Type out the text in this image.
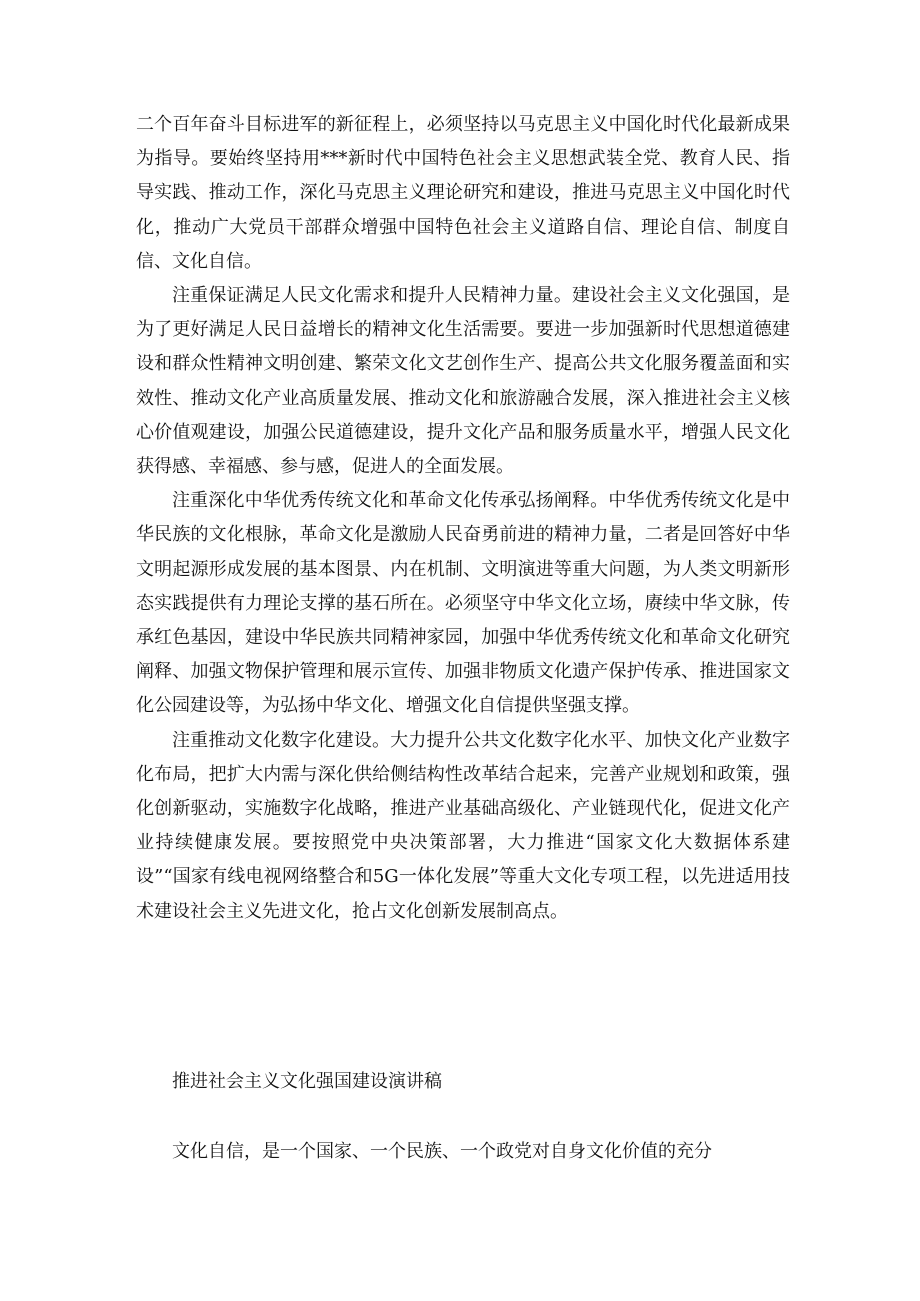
二个百年奋斗目标进军的新征程上，必须坚持以马克思主义中国化时代化最新成果为指导。要始终坚持用***新时代中国特色社会主义思想武装全党、教育人民、指导实践、推动工作，深化马克思主义理论研究和建设，推进马克思主义中国化时代化，推动广大党员干部群众增强中国特色社会主义道路自信、理论自信、制度自信、文化自信。

注重保证满足人民文化需求和提升人民精神力量。建设社会主义文化强国，是为了更好满足人民日益增长的精神文化生活需要。要进一步加强新时代思想道德建设和群众性精神文明创建、繁荣文化文艺创作生产、提高公共文化服务覆盖面和实效性、推动文化产业高质量发展、推动文化和旅游融合发展，深入推进社会主义核心价值观建设，加强公民道德建设，提升文化产品和服务质量水平，增强人民文化获得感、幸福感、参与感，促进人的全面发展。

注重深化中华优秀传统文化和革命文化传承弘扬阐释。中华优秀传统文化是中华民族的文化根脉，革命文化是激励人民奋勇前进的精神力量，二者是回答好中华文明起源形成发展的基本图景、内在机制、文明演进等重大问题，为人类文明新形态实践提供有力理论支撑的基石所在。必须坚守中华文化立场，赓续中华文脉，传承红色基因，建设中华民族共同精神家园，加强中华优秀传统文化和革命文化研究阐释、加强文物保护管理和展示宣传、加强非物质文化遗产保护传承、推进国家文化公园建设等，为弘扬中华文化、增强文化自信提供坚强支撑。

注重推动文化数字化建设。大力提升公共文化数字化水平、加快文化产业数字化布局，把扩大内需与深化供给侧结构性改革结合起来，完善产业规划和政策，强化创新驱动，实施数字化战略，推进产业基础高级化、产业链现代化，促进文化产业持续健康发展。要按照党中央决策部署，大力推进“国家文化大数据体系建设”“国家有线电视网络整合和5G一体化发展”等重大文化专项工程，以先进适用技术建设社会主义先进文化，抢占文化创新发展制高点。

推进社会主义文化强国建设演讲稿

文化自信，是一个国家、一个民族、一个政党对自身文化价值的充分
